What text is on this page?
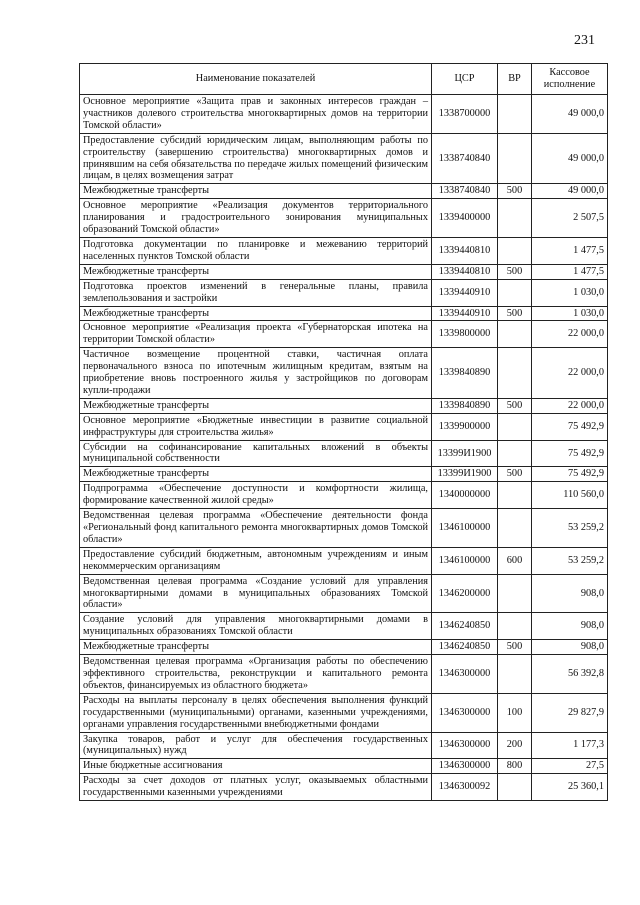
231
Наименование показателей	ЦСР	ВР	Кассовое исполнение
Основное мероприятие «Защита прав и законных интересов граждан – участников долевого строительства многоквартирных домов на территории Томской области»	1338700000		49 000,0
Предоставление субсидий юридическим лицам, выполняющим работы по строительству (завершению строительства) многоквартирных домов и принявшим на себя обязательства по передаче жилых помещений физическим лицам, в целях возмещения затрат	1338740840		49 000,0
Межбюджетные трансферты	1338740840	500	49 000,0
Основное мероприятие «Реализация документов территориального планирования и градостроительного зонирования муниципальных образований Томской области»	1339400000		2 507,5
Подготовка документации по планировке и межеванию территорий населенных пунктов Томской области	1339440810		1 477,5
Межбюджетные трансферты	1339440810	500	1 477,5
Подготовка проектов изменений в генеральные планы, правила землепользования и застройки	1339440910		1 030,0
Межбюджетные трансферты	1339440910	500	1 030,0
Основное мероприятие «Реализация проекта «Губернаторская ипотека на территории Томской области»	1339800000		22 000,0
Частичное возмещение процентной ставки, частичная оплата первоначального взноса по ипотечным жилищным кредитам, взятым на приобретение вновь построенного жилья у застройщиков по договорам купли-продажи	1339840890		22 000,0
Межбюджетные трансферты	1339840890	500	22 000,0
Основное мероприятие «Бюджетные инвестиции в развитие социальной инфраструктуры для строительства жилья»	1339900000		75 492,9
Субсидии на софинансирование капитальных вложений в объекты муниципальной собственности	13399И1900		75 492,9
Межбюджетные трансферты	13399И1900	500	75 492,9
Подпрограмма «Обеспечение доступности и комфортности жилища, формирование качественной жилой среды»	1340000000		110 560,0
Ведомственная целевая программа «Обеспечение деятельности фонда «Региональный фонд капитального ремонта многоквартирных домов Томской области»	1346100000		53 259,2
Предоставление субсидий бюджетным, автономным учреждениям и иным некоммерческим организациям	1346100000	600	53 259,2
Ведомственная целевая программа «Создание условий для управления многоквартирными домами в муниципальных образованиях Томской области»	1346200000		908,0
Создание условий для управления многоквартирными домами в муниципальных образованиях Томской области	1346240850		908,0
Межбюджетные трансферты	1346240850	500	908,0
Ведомственная целевая программа «Организация работы по обеспечению эффективного строительства, реконструкции и капитального ремонта объектов, финансируемых из областного бюджета»	1346300000		56 392,8
Расходы на выплаты персоналу в целях обеспечения выполнения функций государственными (муниципальными) органами, казенными учреждениями, органами управления государственными внебюджетными фондами	1346300000	100	29 827,9
Закупка товаров, работ и услуг для обеспечения государственных (муниципальных) нужд	1346300000	200	1 177,3
Иные бюджетные ассигнования	1346300000	800	27,5
Расходы за счет доходов от платных услуг, оказываемых областными государственными казенными учреждениями	1346300092		25 360,1
